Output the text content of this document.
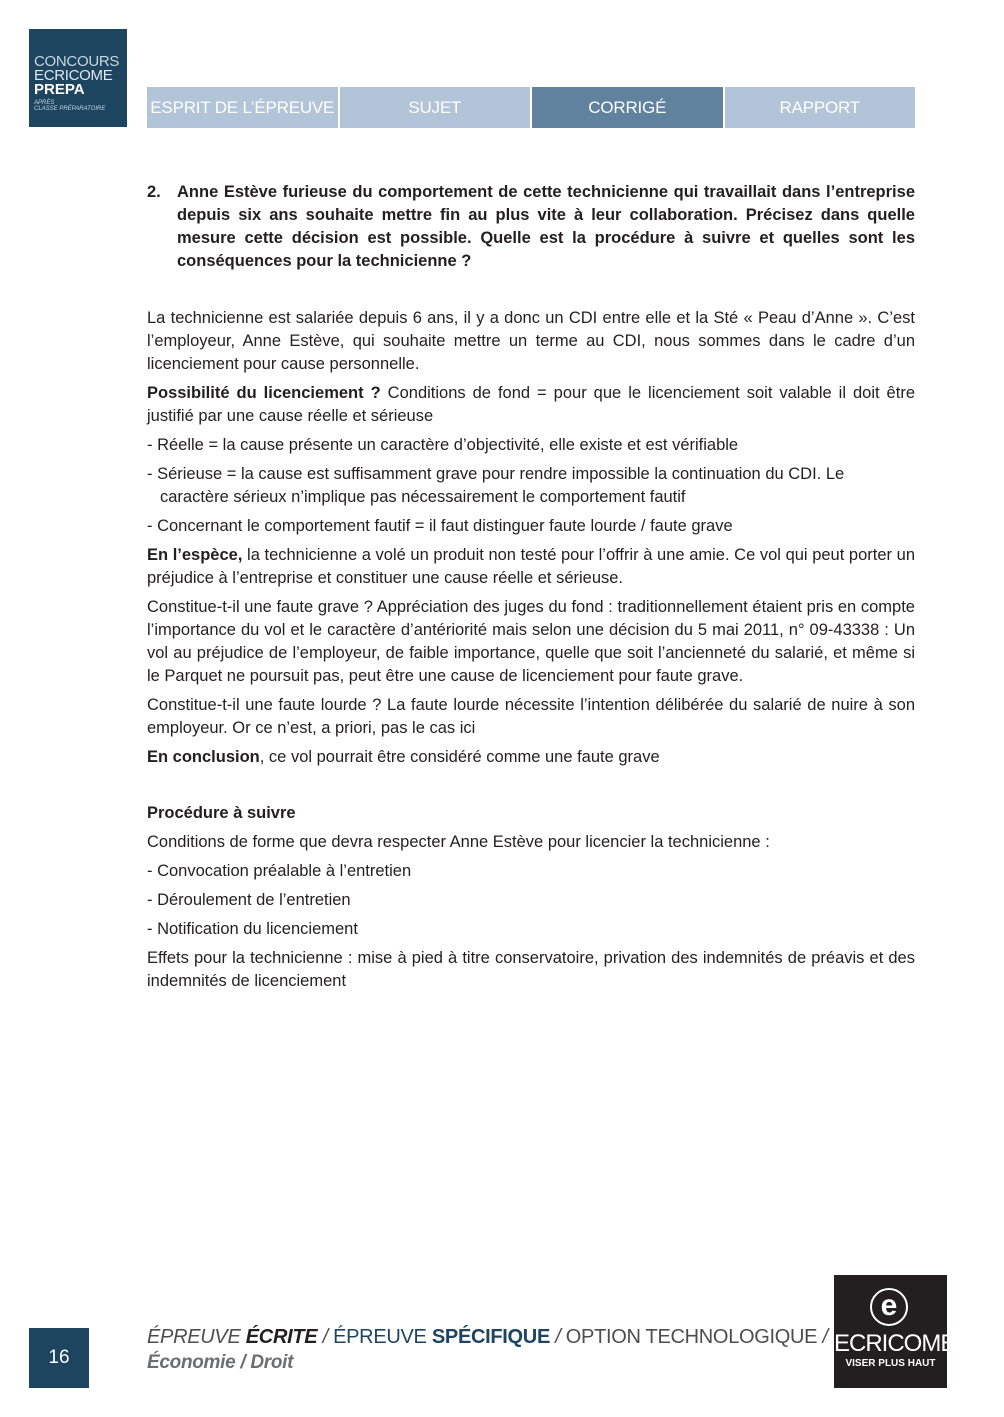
CONCOURS
ECRICOME
PREPA
APRÈS
CLASSE PRÉPARATOIRE	ESPRIT DE L’ÉPREUVE	SUJET	CORRIGÉ	RAPPORT
2. Anne Estève furieuse du comportement de cette technicienne qui travaillait dans l’entreprise depuis six ans souhaite mettre fin au plus vite à leur collaboration. Précisez dans quelle mesure cette décision est possible. Quelle est la procédure à suivre et quelles sont les conséquences pour la technicienne ?

La technicienne est salariée depuis 6 ans, il y a donc un CDI entre elle et la Sté « Peau d’Anne ». C’est l’employeur, Anne Estève, qui souhaite mettre un terme au CDI, nous sommes dans le cadre d’un licenciement pour cause personnelle.

Possibilité du licenciement ? Conditions de fond = pour que le licenciement soit valable il doit être justifié par une cause réelle et sérieuse

- Réelle = la cause présente un caractère d’objectivité, elle existe et est vérifiable

- Sérieuse = la cause est suffisamment grave pour rendre impossible la continuation du CDI. Le caractère sérieux n’implique pas nécessairement le comportement fautif

- Concernant le comportement fautif = il faut distinguer faute lourde / faute grave

En l’espèce, la technicienne a volé un produit non testé pour l’offrir à une amie. Ce vol qui peut porter un préjudice à l’entreprise et constituer une cause réelle et sérieuse.

Constitue-t-il une faute grave ? Appréciation des juges du fond : traditionnellement étaient pris en compte l’importance du vol et le caractère d’antériorité mais selon une décision du 5 mai 2011, n° 09-43338 : Un vol au préjudice de l’employeur, de faible importance, quelle que soit l’ancienneté du salarié, et même si le Parquet ne poursuit pas, peut être une cause de licenciement pour faute grave.

Constitue-t-il une faute lourde ? La faute lourde nécessite l’intention délibérée du salarié de nuire à son employeur. Or ce n’est, a priori, pas le cas ici

En conclusion, ce vol pourrait être considéré comme une faute grave

Procédure à suivre

Conditions de forme que devra respecter Anne Estève pour licencier la technicienne :

- Convocation préalable à l’entretien

- Déroulement de l’entretien

- Notification du licenciement

Effets pour la technicienne : mise à pied à titre conservatoire, privation des indemnités de préavis et des indemnités de licenciement

16
ÉPREUVE ÉCRITE / ÉPREUVE SPÉCIFIQUE / OPTION TECHNOLOGIQUE /
Économie / Droit
e
ECRICOME
VISER PLUS HAUT
